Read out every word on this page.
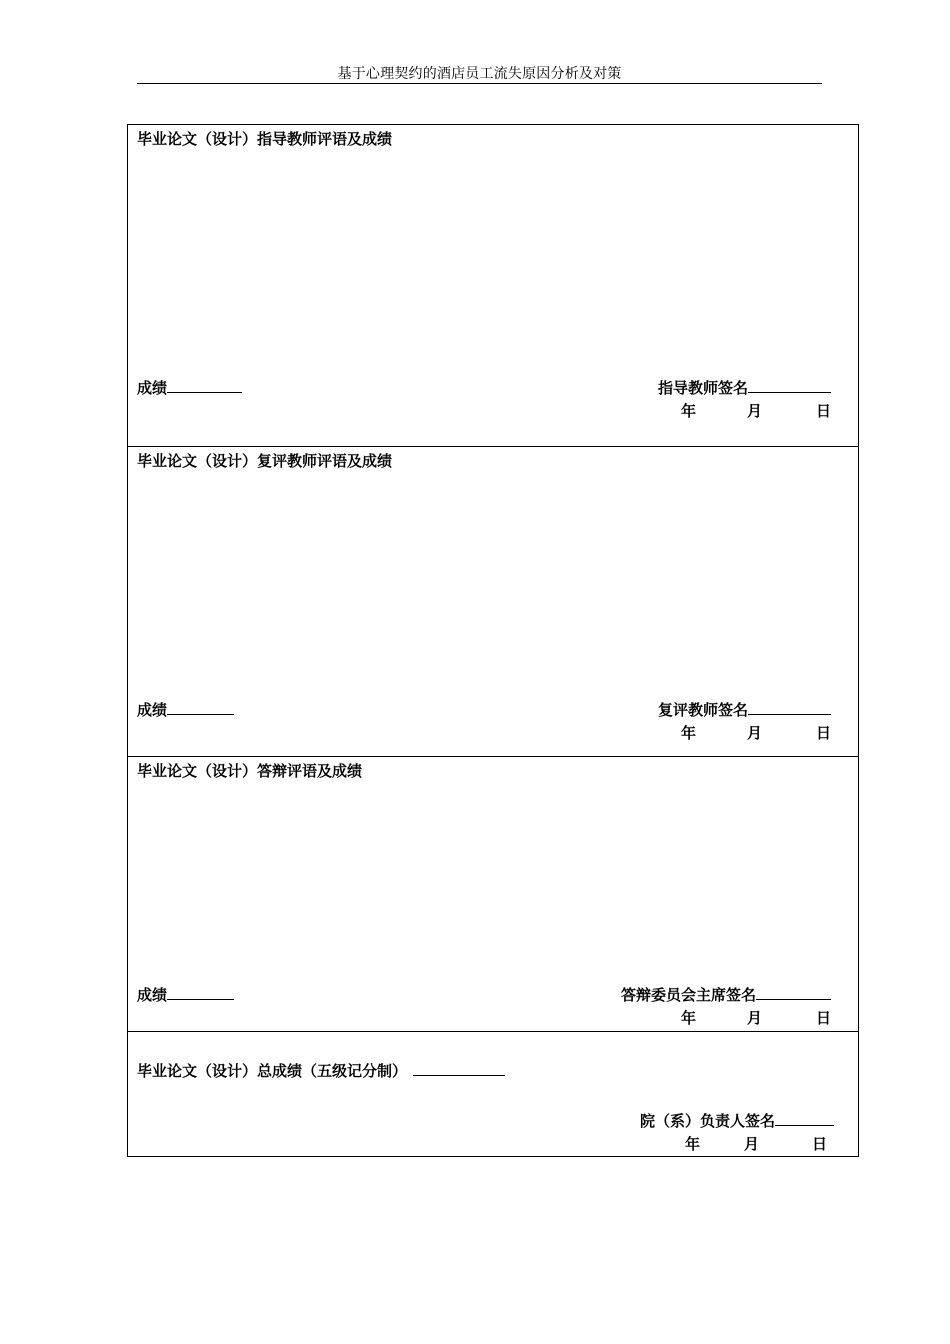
基于心理契约的酒店员工流失原因分析及对策
毕业论文（设计）指导教师评语及成绩
成绩	指导教师签名
年	月	日
毕业论文（设计）复评教师评语及成绩
成绩	复评教师签名
年	月	日
毕业论文（设计）答辩评语及成绩
成绩	答辩委员会主席签名
年	月	日
毕业论文（设计）总成绩（五级记分制）
院（系）负责人签名
年	月	日
